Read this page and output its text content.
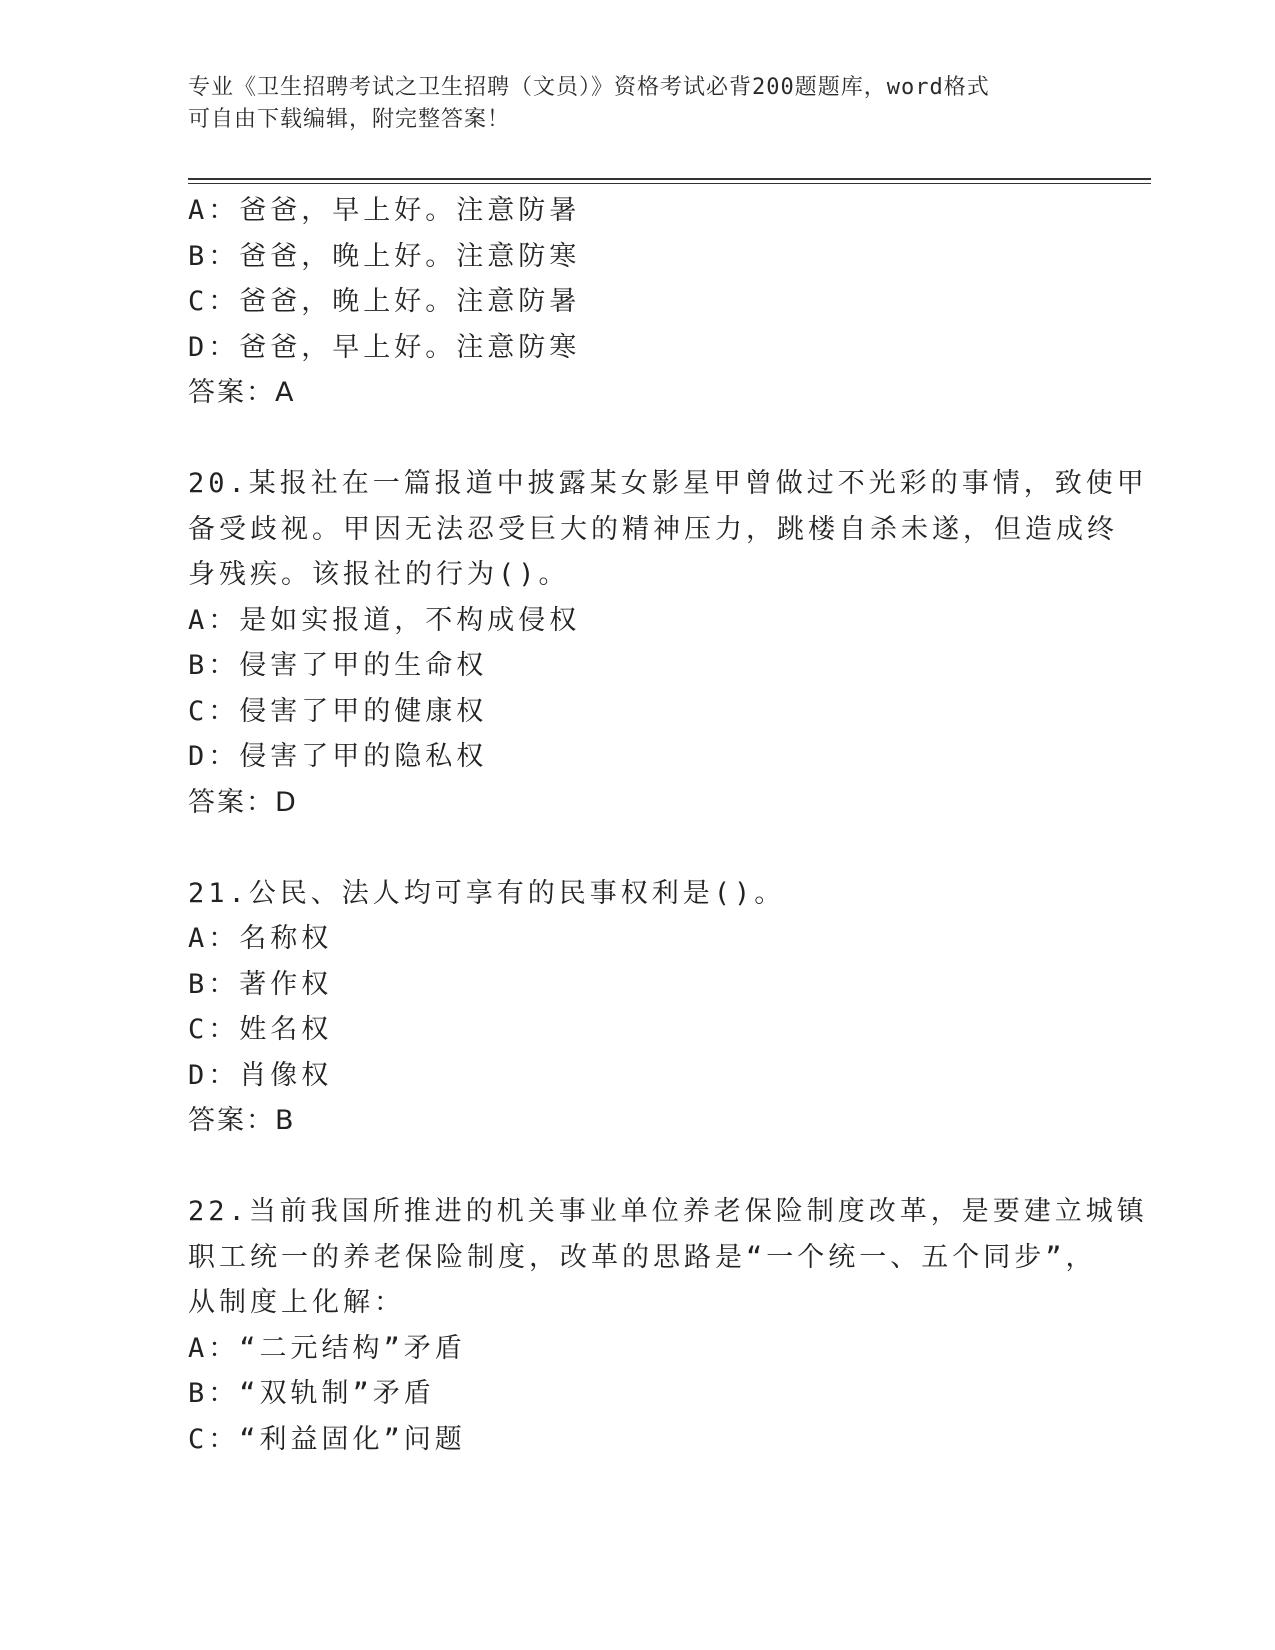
专业《卫生招聘考试之卫生招聘（文员）》资格考试必背200题题库，word格式
可自由下载编辑，附完整答案！
A：爸爸，早上好。注意防暑
B：爸爸，晚上好。注意防寒
C：爸爸，晚上好。注意防暑
D：爸爸，早上好。注意防寒
答案：A
20.某报社在一篇报道中披露某女影星甲曾做过不光彩的事情，致使甲
备受歧视。甲因无法忍受巨大的精神压力，跳楼自杀未遂，但造成终
身残疾。该报社的行为()。
A：是如实报道，不构成侵权
B：侵害了甲的生命权
C：侵害了甲的健康权
D：侵害了甲的隐私权
答案：D
21.公民、法人均可享有的民事权利是()。
A：名称权
B：著作权
C：姓名权
D：肖像权
答案：B
22.当前我国所推进的机关事业单位养老保险制度改革，是要建立城镇
职工统一的养老保险制度，改革的思路是“一个统一、五个同步”，
从制度上化解：
A：“二元结构”矛盾
B：“双轨制”矛盾
C：“利益固化”问题
